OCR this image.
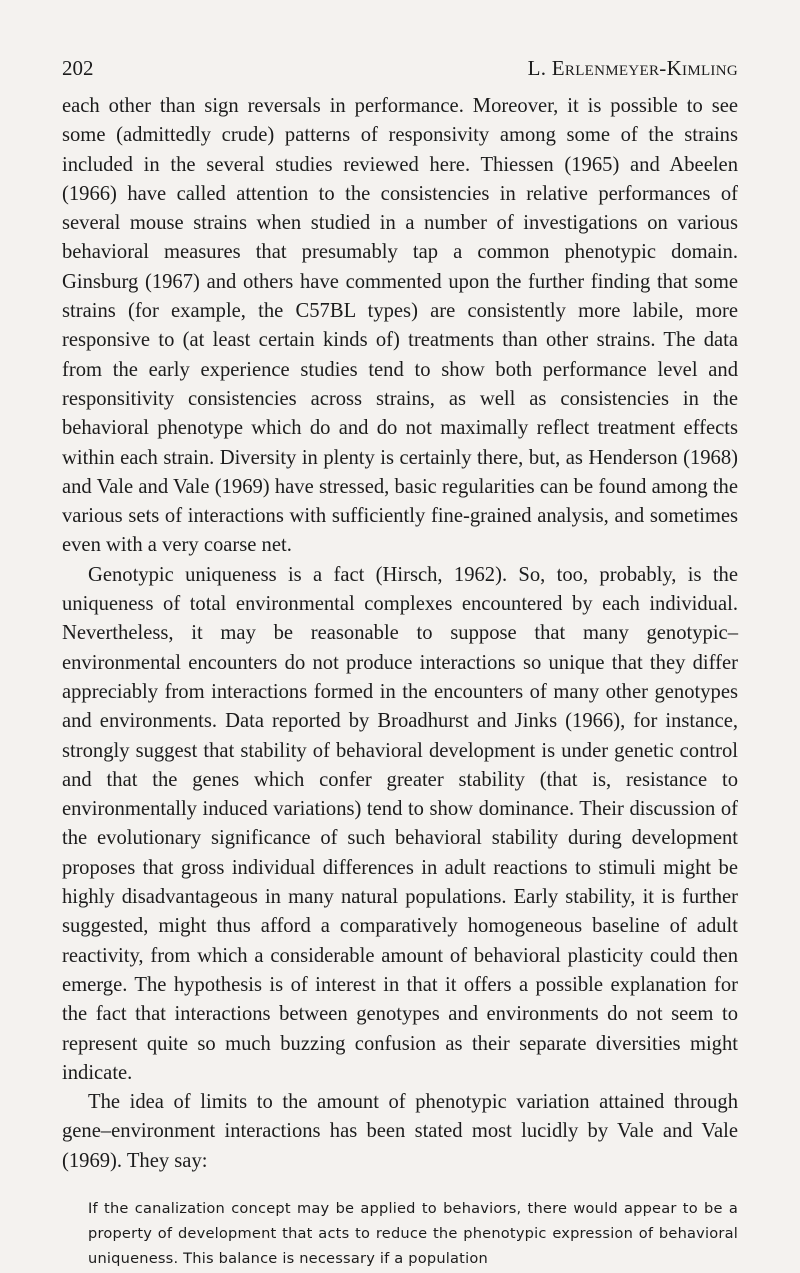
202	L. Erlenmeyer-Kimling

each other than sign reversals in performance. Moreover, it is possible to see some (admittedly crude) patterns of responsivity among some of the strains included in the several studies reviewed here. Thiessen (1965) and Abeelen (1966) have called attention to the consistencies in relative performances of several mouse strains when studied in a number of investigations on various behavioral measures that presumably tap a common phenotypic domain. Ginsburg (1967) and others have commented upon the further finding that some strains (for example, the C57BL types) are consistently more labile, more responsive to (at least certain kinds of) treatments than other strains. The data from the early experience studies tend to show both performance level and responsitivity consistencies across strains, as well as consistencies in the behavioral phenotype which do and do not maximally reflect treatment effects within each strain. Diversity in plenty is certainly there, but, as Henderson (1968) and Vale and Vale (1969) have stressed, basic regularities can be found among the various sets of interactions with sufficiently fine-grained analysis, and sometimes even with a very coarse net.

Genotypic uniqueness is a fact (Hirsch, 1962). So, too, probably, is the uniqueness of total environmental complexes encountered by each individual. Nevertheless, it may be reasonable to suppose that many genotypic–environmental encounters do not produce interactions so unique that they differ appreciably from interactions formed in the encounters of many other genotypes and environments. Data reported by Broadhurst and Jinks (1966), for instance, strongly suggest that stability of behavioral development is under genetic control and that the genes which confer greater stability (that is, resistance to environmentally induced variations) tend to show dominance. Their discussion of the evolutionary significance of such behavioral stability during development proposes that gross individual differences in adult reactions to stimuli might be highly disadvantageous in many natural populations. Early stability, it is further suggested, might thus afford a comparatively homogeneous baseline of adult reactivity, from which a considerable amount of behavioral plasticity could then emerge. The hypothesis is of interest in that it offers a possible explanation for the fact that interactions between genotypes and environments do not seem to represent quite so much buzzing confusion as their separate diversities might indicate.

The idea of limits to the amount of phenotypic variation attained through gene–environment interactions has been stated most lucidly by Vale and Vale (1969). They say:

If the canalization concept may be applied to behaviors, there would appear to be a property of development that acts to reduce the phenotypic expression of behavioral uniqueness. This balance is necessary if a population
